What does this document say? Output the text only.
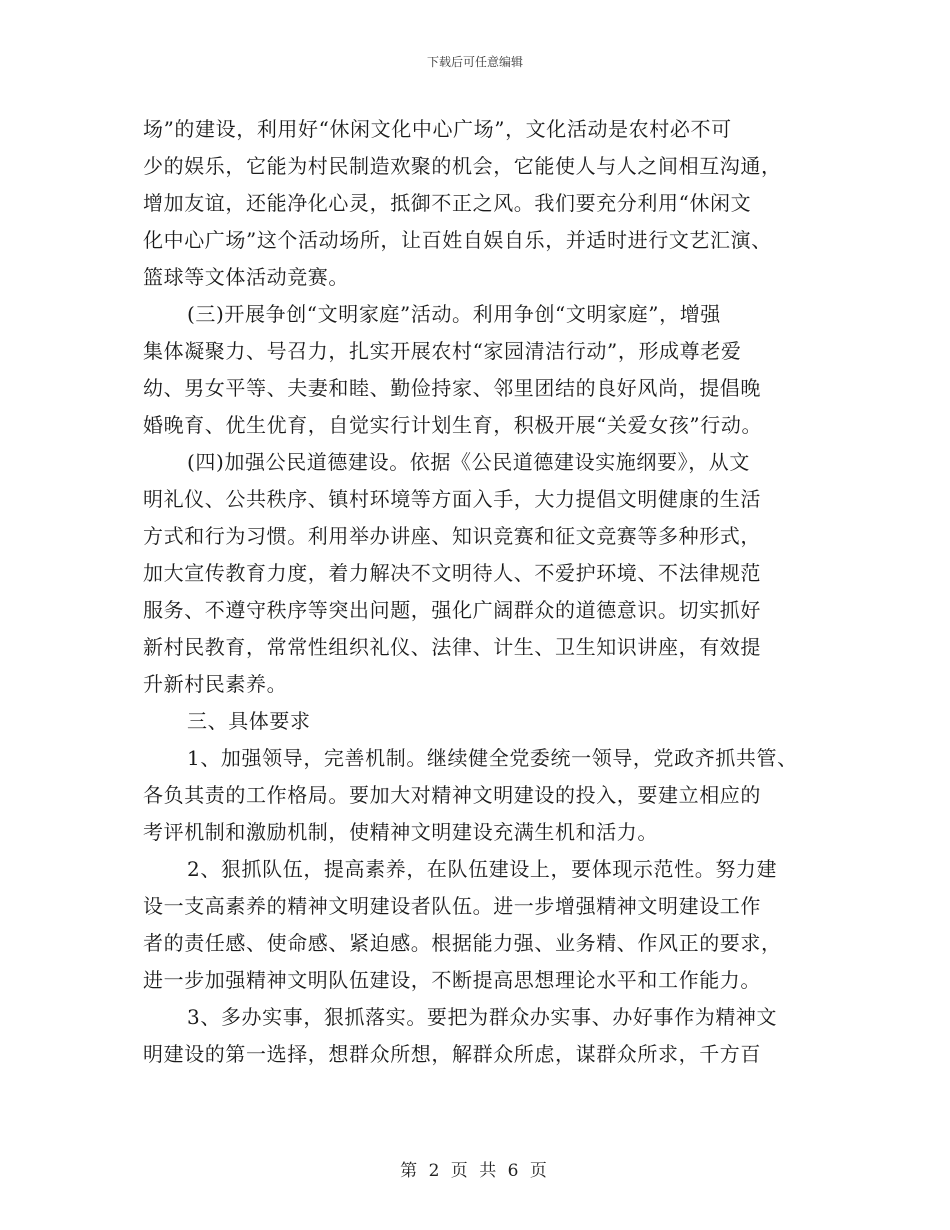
下载后可任意编辑
场”的建设，利用好“休闲文化中心广场”，文化活动是农村必不可
少的娱乐，它能为村民制造欢聚的机会，它能使人与人之间相互沟通，
增加友谊，还能净化心灵，抵御不正之风。我们要充分利用“休闲文
化中心广场”这个活动场所，让百姓自娱自乐，并适时进行文艺汇演、
篮球等文体活动竞赛。
(三)开展争创“文明家庭”活动。利用争创“文明家庭”，增强
集体凝聚力、号召力，扎实开展农村“家园清洁行动”，形成尊老爱
幼、男女平等、夫妻和睦、勤俭持家、邻里团结的良好风尚，提倡晚
婚晚育、优生优育，自觉实行计划生育，积极开展“关爱女孩”行动。
(四)加强公民道德建设。依据《公民道德建设实施纲要》，从文
明礼仪、公共秩序、镇村环境等方面入手，大力提倡文明健康的生活
方式和行为习惯。利用举办讲座、知识竞赛和征文竞赛等多种形式，
加大宣传教育力度，着力解决不文明待人、不爱护环境、不法律规范
服务、不遵守秩序等突出问题，强化广阔群众的道德意识。切实抓好
新村民教育，常常性组织礼仪、法律、计生、卫生知识讲座，有效提
升新村民素养。
三、具体要求
1、加强领导，完善机制。继续健全党委统一领导，党政齐抓共管、
各负其责的工作格局。要加大对精神文明建设的投入，要建立相应的
考评机制和激励机制，使精神文明建设充满生机和活力。
2、狠抓队伍，提高素养，在队伍建设上，要体现示范性。努力建
设一支高素养的精神文明建设者队伍。进一步增强精神文明建设工作
者的责任感、使命感、紧迫感。根据能力强、业务精、作风正的要求，
进一步加强精神文明队伍建设，不断提高思想理论水平和工作能力。
3、多办实事，狠抓落实。要把为群众办实事、办好事作为精神文
明建设的第一选择，想群众所想，解群众所虑，谋群众所求，千方百
第 2 页 共 6 页
